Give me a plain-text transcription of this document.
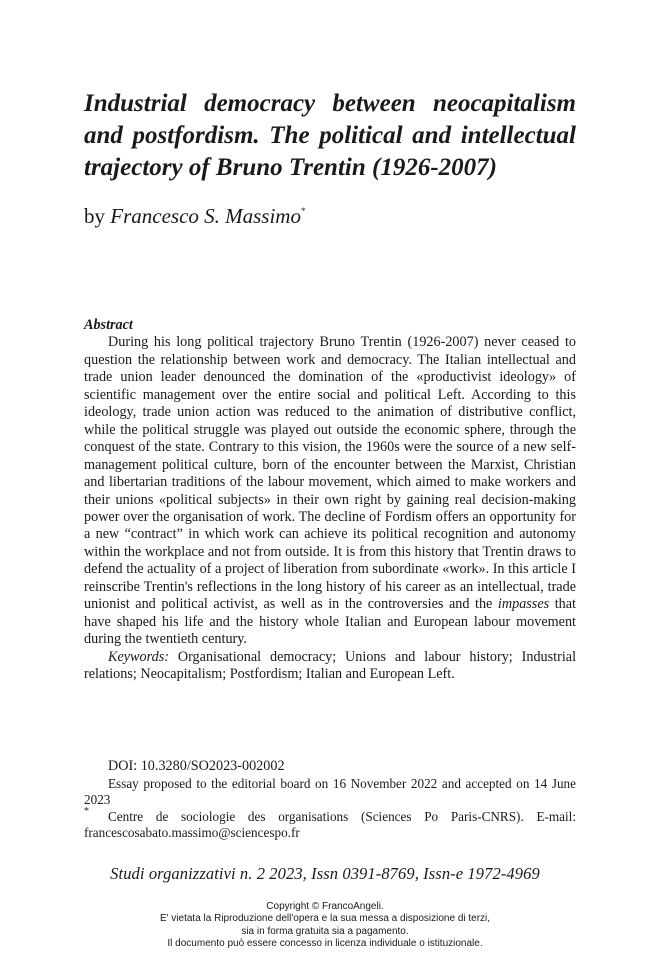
Industrial democracy between neocapitalism and postfordism. The political and intellectual trajectory of Bruno Trentin (1926-2007)
by Francesco S. Massimo*

Abstract

During his long political trajectory Bruno Trentin (1926-2007) never ceased to question the relationship between work and democracy. The Italian intellectual and trade union leader denounced the domination of the «productivist ideology» of scientific management over the entire social and political Left. According to this ideology, trade union action was reduced to the animation of distributive conflict, while the political struggle was played out outside the economic sphere, through the conquest of the state. Contrary to this vision, the 1960s were the source of a new self-management political culture, born of the encounter between the Marxist, Christian and libertarian traditions of the labour movement, which aimed to make workers and their unions «political subjects» in their own right by gaining real decision-making power over the organisation of work. The decline of Fordism offers an opportunity for a new “contract” in which work can achieve its political recognition and autonomy within the workplace and not from outside. It is from this history that Trentin draws to defend the actuality of a project of liberation from subordinate «work». In this article I reinscribe Trentin's reflections in the long history of his career as an intellectual, trade unionist and political activist, as well as in the controversies and the impasses that have shaped his life and the history whole Italian and European labour movement during the twentieth century.

Keywords: Organisational democracy; Unions and labour history; Industrial relations; Neocapitalism; Postfordism; Italian and European Left.

DOI: 10.3280/SO2023-002002

Essay proposed to the editorial board on 16 November 2022 and accepted on 14 June 2023

* Centre de sociologie des organisations (Sciences Po Paris-CNRS). E-mail: francescosabato.massimo@sciencespo.fr

Studi organizzativi n. 2 2023, Issn 0391-8769, Issn-e 1972-4969
Copyright © FrancoAngeli.
E' vietata la Riproduzione dell'opera e la sua messa a disposizione di terzi,
sia in forma gratuita sia a pagamento.
Il documento può essere concesso in licenza individuale o istituzionale.
